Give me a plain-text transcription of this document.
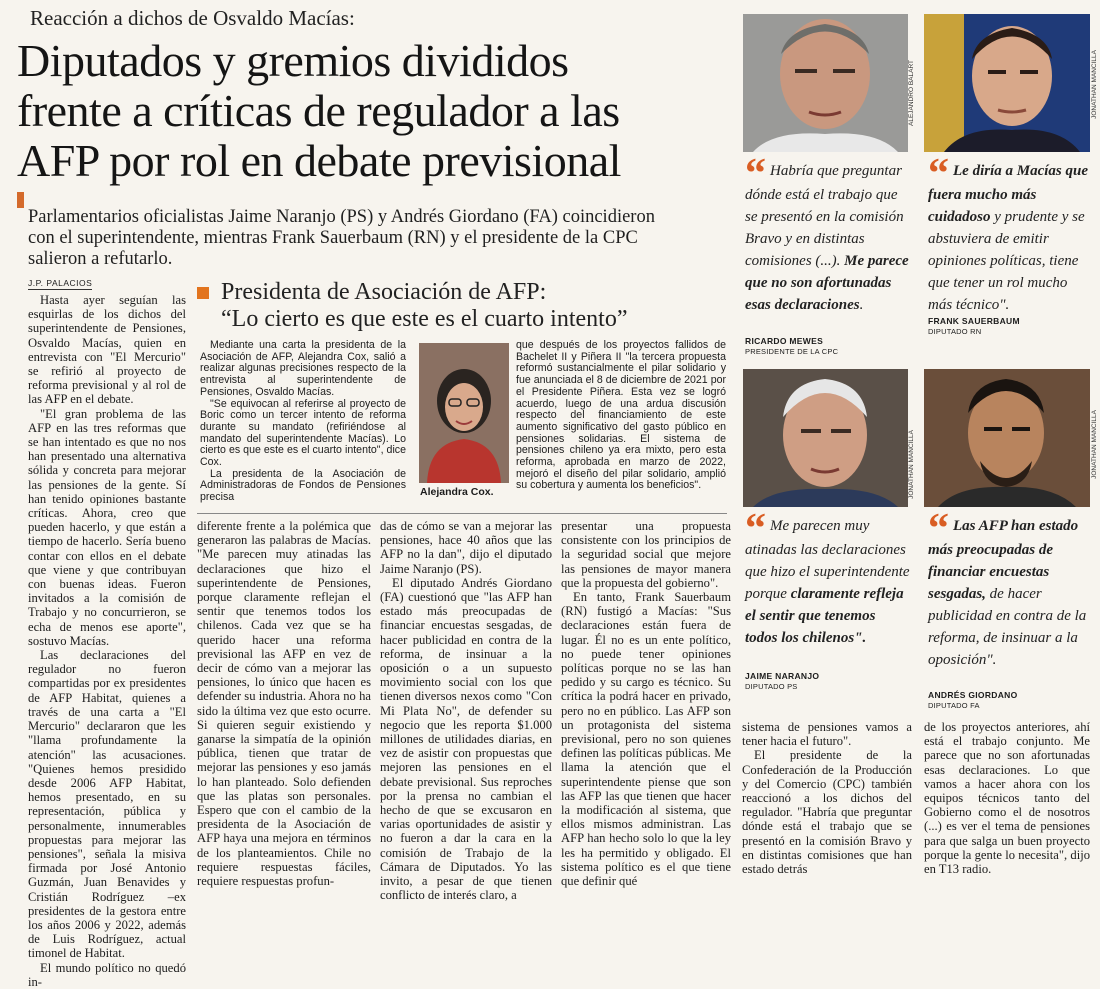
Reacción a dichos de Osvaldo Macías:
Diputados y gremios divididos
frente a críticas de regulador a las
AFP por rol en debate previsional
Parlamentarios oficialistas Jaime Naranjo (PS) y Andrés Giordano (FA) coincidieron
con el superintendente, mientras Frank Sauerbaum (RN) y el presidente de la CPC
salieron a refutarlo.
J.P. PALACIOS

Hasta ayer seguían las esquirlas de los dichos del superintendente de Pensiones, Osvaldo Macías, quien en entrevista con "El Mercurio" se refirió al proyecto de reforma previsional y al rol de las AFP en el debate.

"El gran problema de las AFP en las tres reformas que se han intentado es que no nos han presentado una alternativa sólida y concreta para mejorar las pensiones de la gente. Sí han tenido opiniones bastante críticas. Ahora, creo que pueden hacerlo, y que están a tiempo de hacerlo. Sería bueno contar con ellos en el debate que viene y que contribuyan con buenas ideas. Fueron invitados a la comisión de Trabajo y no concurrieron, se echa de menos ese aporte", sostuvo Macías.

Las declaraciones del regulador no fueron compartidas por ex presidentes de AFP Habitat, quienes a través de una carta a "El Mercurio" declararon que les "llama profundamente la atención" las acusaciones. "Quienes hemos presidido desde 2006 AFP Habitat, hemos presentado, en su representación, pública y personalmente, innumerables propuestas para mejorar las pensiones", señala la misiva firmada por José Antonio Guzmán, Juan Benavides y Cristián Rodríguez –ex presidentes de la gestora entre los años 2006 y 2022, además de Luis Rodríguez, actual timonel de Habitat.

El mundo político no quedó in-

Presidenta de Asociación de AFP:
“Lo cierto es que este es el cuarto intento”

Mediante una carta la presidenta de la Asociación de AFP, Alejandra Cox, salió a realizar algunas precisiones respecto de la entrevista al superintendente de Pensiones, Osvaldo Macías.

"Se equivocan al referirse al proyecto de Boric como un tercer intento de reforma durante su mandato (refiriéndose al mandato del superintendente Macías). Lo cierto es que este es el cuarto intento", dice Cox.

La presidenta de la Asociación de Administradoras de Fondos de Pensiones precisa	Alejandra Cox.
que después de los proyectos fallidos de Bachelet II y Piñera II "la tercera propuesta reformó sustancialmente el pilar solidario y fue anunciada el 8 de diciembre de 2021 por el Presidente Piñera. Esta vez se logró acuerdo, luego de una ardua discusión respecto del financiamiento de este aumento significativo del gasto público en pensiones solidarias. El sistema de pensiones chileno ya era mixto, pero esta reforma, aprobada en marzo de 2022, mejoró el diseño del pilar solidario, amplió su cobertura y aumenta los beneficios".

diferente frente a la polémica que generaron las palabras de Macías. "Me parecen muy atinadas las declaraciones que hizo el superintendente de Pensiones, porque claramente reflejan el sentir que tenemos todos los chilenos. Cada vez que se ha querido hacer una reforma previsional las AFP en vez de decir de cómo van a mejorar las pensiones, lo único que hacen es defender su industria. Ahora no ha sido la última vez que esto ocurre. Si quieren seguir existiendo y ganarse la simpatía de la opinión pública, tienen que tratar de mejorar las pensiones y eso jamás lo han planteado. Solo defienden que las platas son personales. Espero que con el cambio de la presidenta de la Asociación de AFP haya una mejora en términos de los planteamientos. Chile no requiere respuestas fáciles, requiere respuestas profun-

das de cómo se van a mejorar las pensiones, hace 40 años que las AFP no la dan", dijo el diputado Jaime Naranjo (PS).

El diputado Andrés Giordano (FA) cuestionó que "las AFP han estado más preocupadas de financiar encuestas sesgadas, de hacer publicidad en contra de la reforma, de insinuar a la oposición o a un supuesto movimiento social con los que tienen diversos nexos como "Con Mi Plata No", de defender su negocio que les reporta $1.000 millones de utilidades diarias, en vez de asistir con propuestas que mejoren las pensiones en el debate previsional. Sus reproches por la prensa no cambian el hecho de que se excusaron en varias oportunidades de asistir y no fueron a dar la cara en la comisión de Trabajo de la Cámara de Diputados. Yo las invito, a pesar de que tienen conflicto de interés claro, a

presentar una propuesta consistente con los principios de la seguridad social que mejore las pensiones de mayor manera que la propuesta del gobierno".

En tanto, Frank Sauerbaum (RN) fustigó a Macías: "Sus declaraciones están fuera de lugar. Él no es un ente político, no puede tener opiniones políticas porque no se las han pedido y su cargo es técnico. Su crítica la podrá hacer en privado, pero no en público. Las AFP son un protagonista del sistema previsional, pero no son quienes definen las políticas públicas. Me llama la atención que el superintendente piense que son las AFP las que tienen que hacer la modificación al sistema, que ellos mismos administran. Las AFP han hecho solo lo que la ley les ha permitido y obligado. El sistema político es el que tiene que definir qué

ALEJANDRO BALART	JONATHAN MANCILLA
JONATHAN MANCILLA	JONATHAN MANCILLA
“ Habría que preguntar dónde está el trabajo que se presentó en la comisión Bravo y en distintas comisiones (...). Me parece que no son afortunadas esas declaraciones.
RICARDO MEWES
PRESIDENTE DE LA CPC
“ Le diría a Macías que fuera mucho más cuidadoso y prudente y se abstuviera de emitir opiniones políticas, tiene que tener un rol mucho más técnico".
FRANK SAUERBAUM
DIPUTADO RN
“ Me parecen muy atinadas las declaraciones que hizo el superintendente porque claramente refleja el sentir que tenemos todos los chilenos".
JAIME NARANJO
DIPUTADO PS
“ Las AFP han estado más preocupadas de financiar encuestas sesgadas, de hacer publicidad en contra de la reforma, de insinuar a la oposición".
ANDRÉS GIORDANO
DIPUTADO FA

sistema de pensiones vamos a tener hacia el futuro".

El presidente de la Confederación de la Producción y del Comercio (CPC) también reaccionó a los dichos del regulador. "Habría que preguntar dónde está el trabajo que se presentó en la comisión Bravo y en distintas comisiones que han estado detrás

de los proyectos anteriores, ahí está el trabajo conjunto. Me parece que no son afortunadas esas declaraciones. Lo que vamos a hacer ahora con los equipos técnicos tanto del Gobierno como el de nosotros (...) es ver el tema de pensiones para que salga un buen proyecto porque la gente lo necesita", dijo en T13 radio.
